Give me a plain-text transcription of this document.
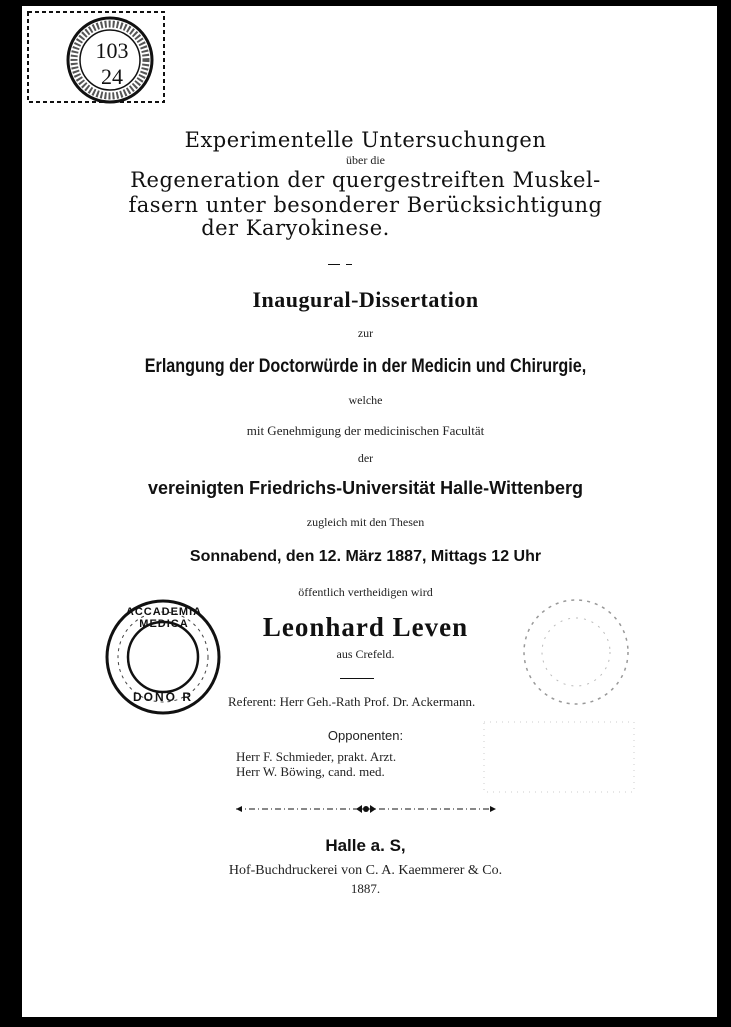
103
24
Experimentelle Untersuchungen
über die
Regeneration der quergestreiften Muskel-
fasern unter besonderer Berücksichtigung
der Karyokinese.
Inaugural-Dissertation
zur
Erlangung der Doctorwürde in der Medicin und Chirurgie,
welche
mit Genehmigung der medicinischen Facultät
der
vereinigten Friedrichs-Universität Halle-Wittenberg
zugleich mit den Thesen
Sonnabend, den 12. März 1887, Mittags 12 Uhr
öffentlich vertheidigen wird
ACCADEMIA MEDICA
DONO R
Leonhard Leven
aus Crefeld.
Referent: Herr Geh.-Rath Prof. Dr. Ackermann.
Opponenten:
Herr F. Schmieder, prakt. Arzt.
Herr W. Böwing, cand. med.
Halle a. S,
Hof-Buchdruckerei von C. A. Kaemmerer & Co.
1887.
